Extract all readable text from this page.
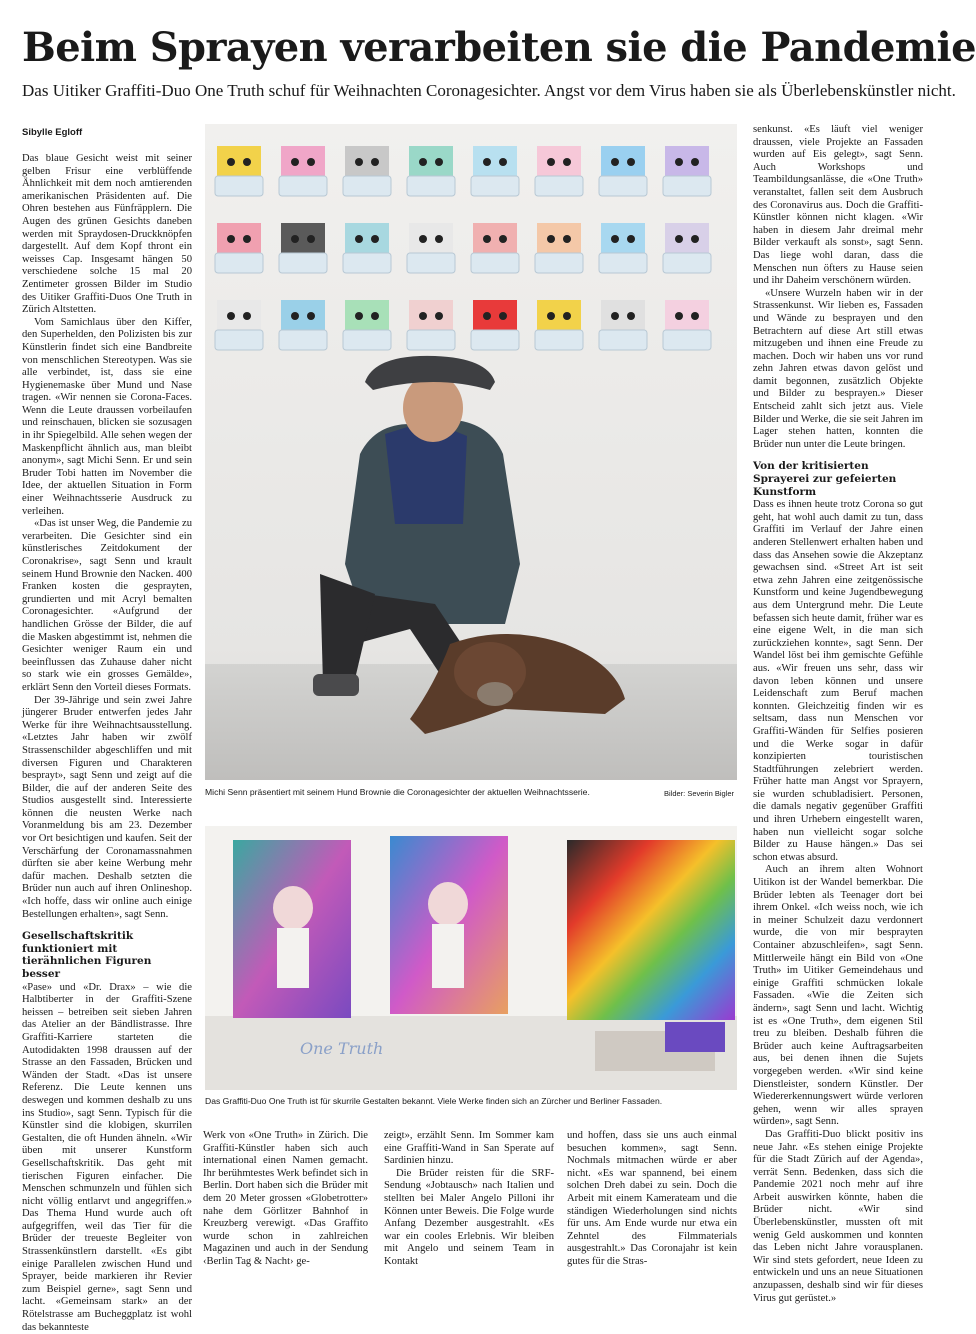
Beim Sprayen verarbeiten sie die Pandemie
Das Uitiker Graffiti-Duo One Truth schuf für Weihnachten Coronagesichter. Angst vor dem Virus haben sie als Überlebenskünstler nicht.
Sibylle Egloff

Das blaue Gesicht weist mit seiner gelben Frisur eine verblüffende Ähnlichkeit mit dem noch amtierenden amerikanischen Präsidenten auf. Die Ohren bestehen aus Fünfräpplern. Die Augen des grünen Gesichts daneben werden mit Spraydosen-Druckknöpfen dargestellt. Auf dem Kopf thront ein weisses Cap. Insgesamt hängen 50 verschiedene solche 15 mal 20 Zentimeter grossen Bilder im Studio des Uitiker Graffiti-Duos One Truth in Zürich Altstetten.

Vom Samichlaus über den Kiffer, den Superhelden, den Polizisten bis zur Künstlerin findet sich eine Bandbreite von menschlichen Stereotypen. Was sie alle verbindet, ist, dass sie eine Hygienemaske über Mund und Nase tragen. «Wir nennen sie Corona-Faces. Wenn die Leute draussen vorbeilaufen und reinschauen, blicken sie sozusagen in ihr Spiegelbild. Alle sehen wegen der Maskenpflicht ähnlich aus, man bleibt anonym», sagt Michi Senn. Er und sein Bruder Tobi hatten im November die Idee, der aktuellen Situation in Form einer Weihnachtsserie Ausdruck zu verleihen.

«Das ist unser Weg, die Pandemie zu verarbeiten. Die Gesichter sind ein künstlerisches Zeitdokument der Coronakrise», sagt Senn und krault seinem Hund Brownie den Nacken. 400 Franken kosten die gesprayten, grundierten und mit Acryl bemalten Coronagesichter. «Aufgrund der handlichen Grösse der Bilder, die auf die Masken abgestimmt ist, nehmen die Gesichter weniger Raum ein und beeinflussen das Zuhause daher nicht so stark wie ein grosses Gemälde», erklärt Senn den Vorteil dieses Formats.

Der 39-Jährige und sein zwei Jahre jüngerer Bruder entwerfen jedes Jahr Werke für ihre Weihnachtsausstellung. «Letztes Jahr haben wir zwölf Strassenschilder abgeschliffen und mit diversen Figuren und Charakteren besprayt», sagt Senn und zeigt auf die Bilder, die auf der anderen Seite des Studios ausgestellt sind. Interessierte können die neusten Werke nach Voranmeldung bis am 23. Dezember vor Ort besichtigen und kaufen. Seit der Verschärfung der Coronamassnahmen dürften sie aber keine Werbung mehr dafür machen. Deshalb setzten die Brüder nun auch auf ihren Onlineshop. «Ich hoffe, dass wir online auch einige Bestellungen erhalten», sagt Senn.

Gesellschaftskritik funktioniert mit tierähnlichen Figuren besser

«Pase» und «Dr. Drax» – wie die Halbtiberter in der Graffiti-Szene heissen – betreiben seit sieben Jahren das Atelier an der Bändlistrasse. Ihre Graffiti-Karriere starteten die Autodidakten 1998 draussen auf der Strasse an den Fassaden, Brücken und Wänden der Stadt. «Das ist unsere Referenz. Die Leute kennen uns deswegen und kommen deshalb zu uns ins Studio», sagt Senn. Typisch für die Künstler sind die klobigen, skurrilen Gestalten, die oft Hunden ähneln. «Wir üben mit unserer Kunstform Gesellschaftskritik. Das geht mit tierischen Figuren einfacher. Die Menschen schmunzeln und fühlen sich nicht völlig entlarvt und angegriffen.» Das Thema Hund wurde auch oft aufgegriffen, weil das Tier für die Brüder der treueste Begleiter von Strassenkünstlern darstellt. «Es gibt einige Parallelen zwischen Hund und Sprayer, beide markieren ihr Revier zum Beispiel gerne», sagt Senn und lacht. «Gemeinsam stark» an der Rötelstrasse am Bucheggplatz ist wohl das bekannteste

Michi Senn präsentiert mit seinem Hund Brownie die Coronagesichter der aktuellen Weihnachtsserie.	Bilder: Severin Bigler
One Truth
Das Graffiti-Duo One Truth ist für skurrile Gestalten bekannt. Viele Werke finden sich an Zürcher und Berliner Fassaden.

Werk von «One Truth» in Zürich. Die Graffiti-Künstler haben sich auch international einen Namen gemacht. Ihr berühmtestes Werk befindet sich in Berlin. Dort haben sich die Brüder mit dem 20 Meter grossen «Globetrotter» nahe dem Görlitzer Bahnhof in Kreuzberg verewigt. «Das Graffito wurde schon in zahlreichen Magazinen und auch in der Sendung ‹Berlin Tag & Nacht› ge-

zeigt», erzählt Senn. Im Sommer kam eine Graffiti-Wand in San Sperate auf Sardinien hinzu.

Die Brüder reisten für die SRF-Sendung «Jobtausch» nach Italien und stellten bei Maler Angelo Pilloni ihr Können unter Beweis. Die Folge wurde Anfang Dezember ausgestrahlt. «Es war ein cooles Erlebnis. Wir bleiben mit Angelo und seinem Team in Kontakt

und hoffen, dass sie uns auch einmal besuchen kommen», sagt Senn. Nochmals mitmachen würde er aber nicht. «Es war spannend, bei einem solchen Dreh dabei zu sein. Doch die Arbeit mit einem Kamerateam und die ständigen Wiederholungen sind nichts für uns. Am Ende wurde nur etwa ein Zehntel des Filmmaterials ausgestrahlt.» Das Coronajahr ist kein gutes für die Stras-

senkunst. «Es läuft viel weniger draussen, viele Projekte an Fassaden wurden auf Eis gelegt», sagt Senn. Auch Workshops und Teambildungsanlässe, die «One Truth» veranstaltet, fallen seit dem Ausbruch des Coronavirus aus. Doch die Graffiti-Künstler können nicht klagen. «Wir haben in diesem Jahr dreimal mehr Bilder verkauft als sonst», sagt Senn. Das liege wohl daran, dass die Menschen nun öfters zu Hause seien und ihr Daheim verschönern würden.

«Unsere Wurzeln haben wir in der Strassenkunst. Wir lieben es, Fassaden und Wände zu besprayen und den Betrachtern auf diese Art still etwas mitzugeben und ihnen eine Freude zu machen. Doch wir haben uns vor rund zehn Jahren etwas davon gelöst und damit begonnen, zusätzlich Objekte und Bilder zu besprayen.» Dieser Entscheid zahlt sich jetzt aus. Viele Bilder und Werke, die sie seit Jahren im Lager stehen hatten, konnten die Brüder nun unter die Leute bringen.

Von der kritisierten Sprayerei zur gefeierten Kunstform

Dass es ihnen heute trotz Corona so gut geht, hat wohl auch damit zu tun, dass Graffiti im Verlauf der Jahre einen anderen Stellenwert erhalten haben und dass das Ansehen sowie die Akzeptanz gewachsen sind. «Street Art ist seit etwa zehn Jahren eine zeitgenössische Kunstform und keine Jugendbewegung aus dem Untergrund mehr. Die Leute befassen sich heute damit, früher war es eine eigene Welt, in die man sich zurückziehen konnte», sagt Senn. Der Wandel löst bei ihm gemischte Gefühle aus. «Wir freuen uns sehr, dass wir davon leben können und unsere Leidenschaft zum Beruf machen konnten. Gleichzeitig finden wir es seltsam, dass nun Menschen vor Graffiti-Wänden für Selfies posieren und die Werke sogar in dafür konzipierten touristischen Stadtführungen zelebriert werden. Früher hatte man Angst vor Sprayern, sie wurden schubladisiert. Personen, die damals negativ gegenüber Graffiti und ihren Urhebern eingestellt waren, haben nun vielleicht sogar solche Bilder zu Hause hängen.» Das sei schon etwas absurd.

Auch an ihrem alten Wohnort Uitikon ist der Wandel bemerkbar. Die Brüder lebten als Teenager dort bei ihrem Onkel. «Ich weiss noch, wie ich in meiner Schulzeit dazu verdonnert wurde, die von mir besprayten Container abzuschleifen», sagt Senn. Mittlerweile hängt ein Bild von «One Truth» im Uitiker Gemeindehaus und einige Graffiti schmücken lokale Fassaden. «Wie die Zeiten sich ändern», sagt Senn und lacht. Wichtig ist es «One Truth», dem eigenen Stil treu zu bleiben. Deshalb führen die Brüder auch keine Auftragsarbeiten aus, bei denen ihnen die Sujets vorgegeben werden. «Wir sind keine Dienstleister, sondern Künstler. Der Wiedererkennungswert würde verloren gehen, wenn wir alles sprayen würden», sagt Senn.

Das Graffiti-Duo blickt positiv ins neue Jahr. «Es stehen einige Projekte für die Stadt Zürich auf der Agenda», verrät Senn. Bedenken, dass sich die Pandemie 2021 noch mehr auf ihre Arbeit auswirken könnte, haben die Brüder nicht. «Wir sind Überlebenskünstler, mussten oft mit wenig Geld auskommen und konnten das Leben nicht Jahre vorausplanen. Wir sind stets gefordert, neue Ideen zu entwickeln und uns an neue Situationen anzupassen, deshalb sind wir für dieses Virus gut gerüstet.»
